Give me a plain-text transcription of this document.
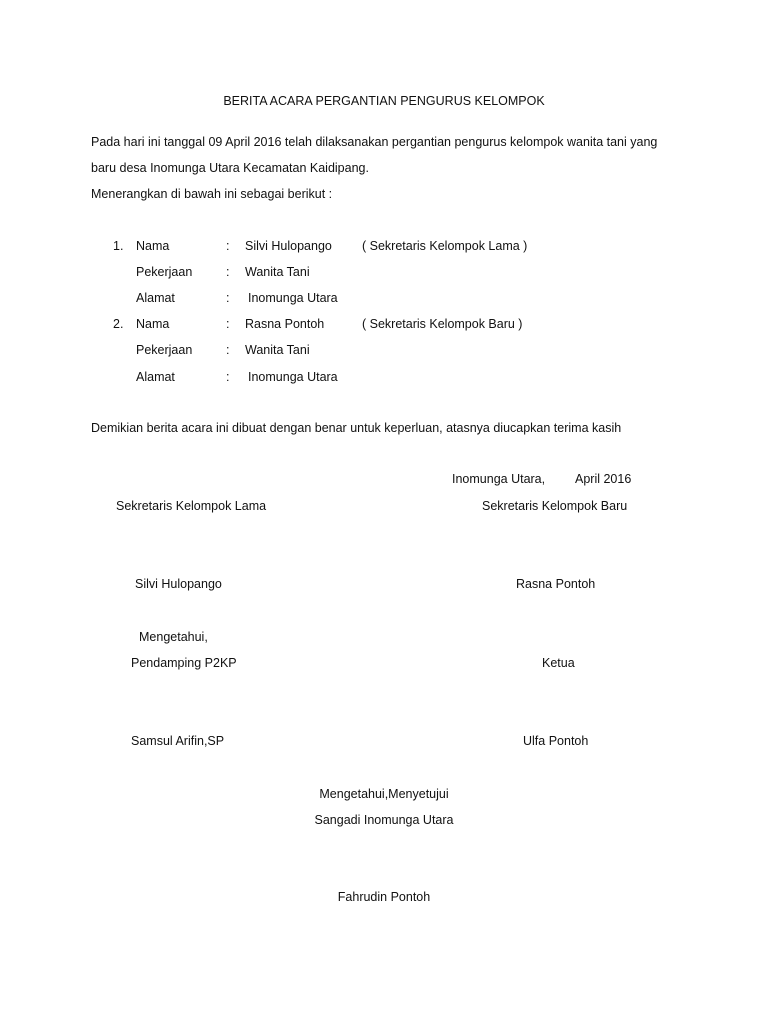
BERITA ACARA PERGANTIAN PENGURUS KELOMPOK
Pada hari ini tanggal 09 April 2016 telah dilaksanakan pergantian pengurus kelompok wanita tani yang
baru desa Inomunga Utara Kecamatan Kaidipang.
Menerangkan di bawah ini sebagai berikut :
1. Nama	: Silvi Hulopango ( Sekretaris Kelompok Lama )
Pekerjaan	: Wanita Tani
Alamat	: Inomunga Utara
2. Nama	: Rasna Pontoh	( Sekretaris Kelompok Baru )
Pekerjaan	: Wanita Tani
Alamat	: Inomunga Utara
Demikian berita acara ini dibuat dengan benar untuk keperluan, atasnya diucapkan terima kasih
Inomunga Utara, April 2016
Sekretaris Kelompok Lama	Sekretaris Kelompok Baru
Silvi Hulopango	Rasna Pontoh
Mengetahui,
Pendamping P2KP	Ketua
Samsul Arifin,SP	Ulfa Pontoh
Mengetahui,Menyetujui
Sangadi Inomunga Utara
Fahrudin Pontoh
